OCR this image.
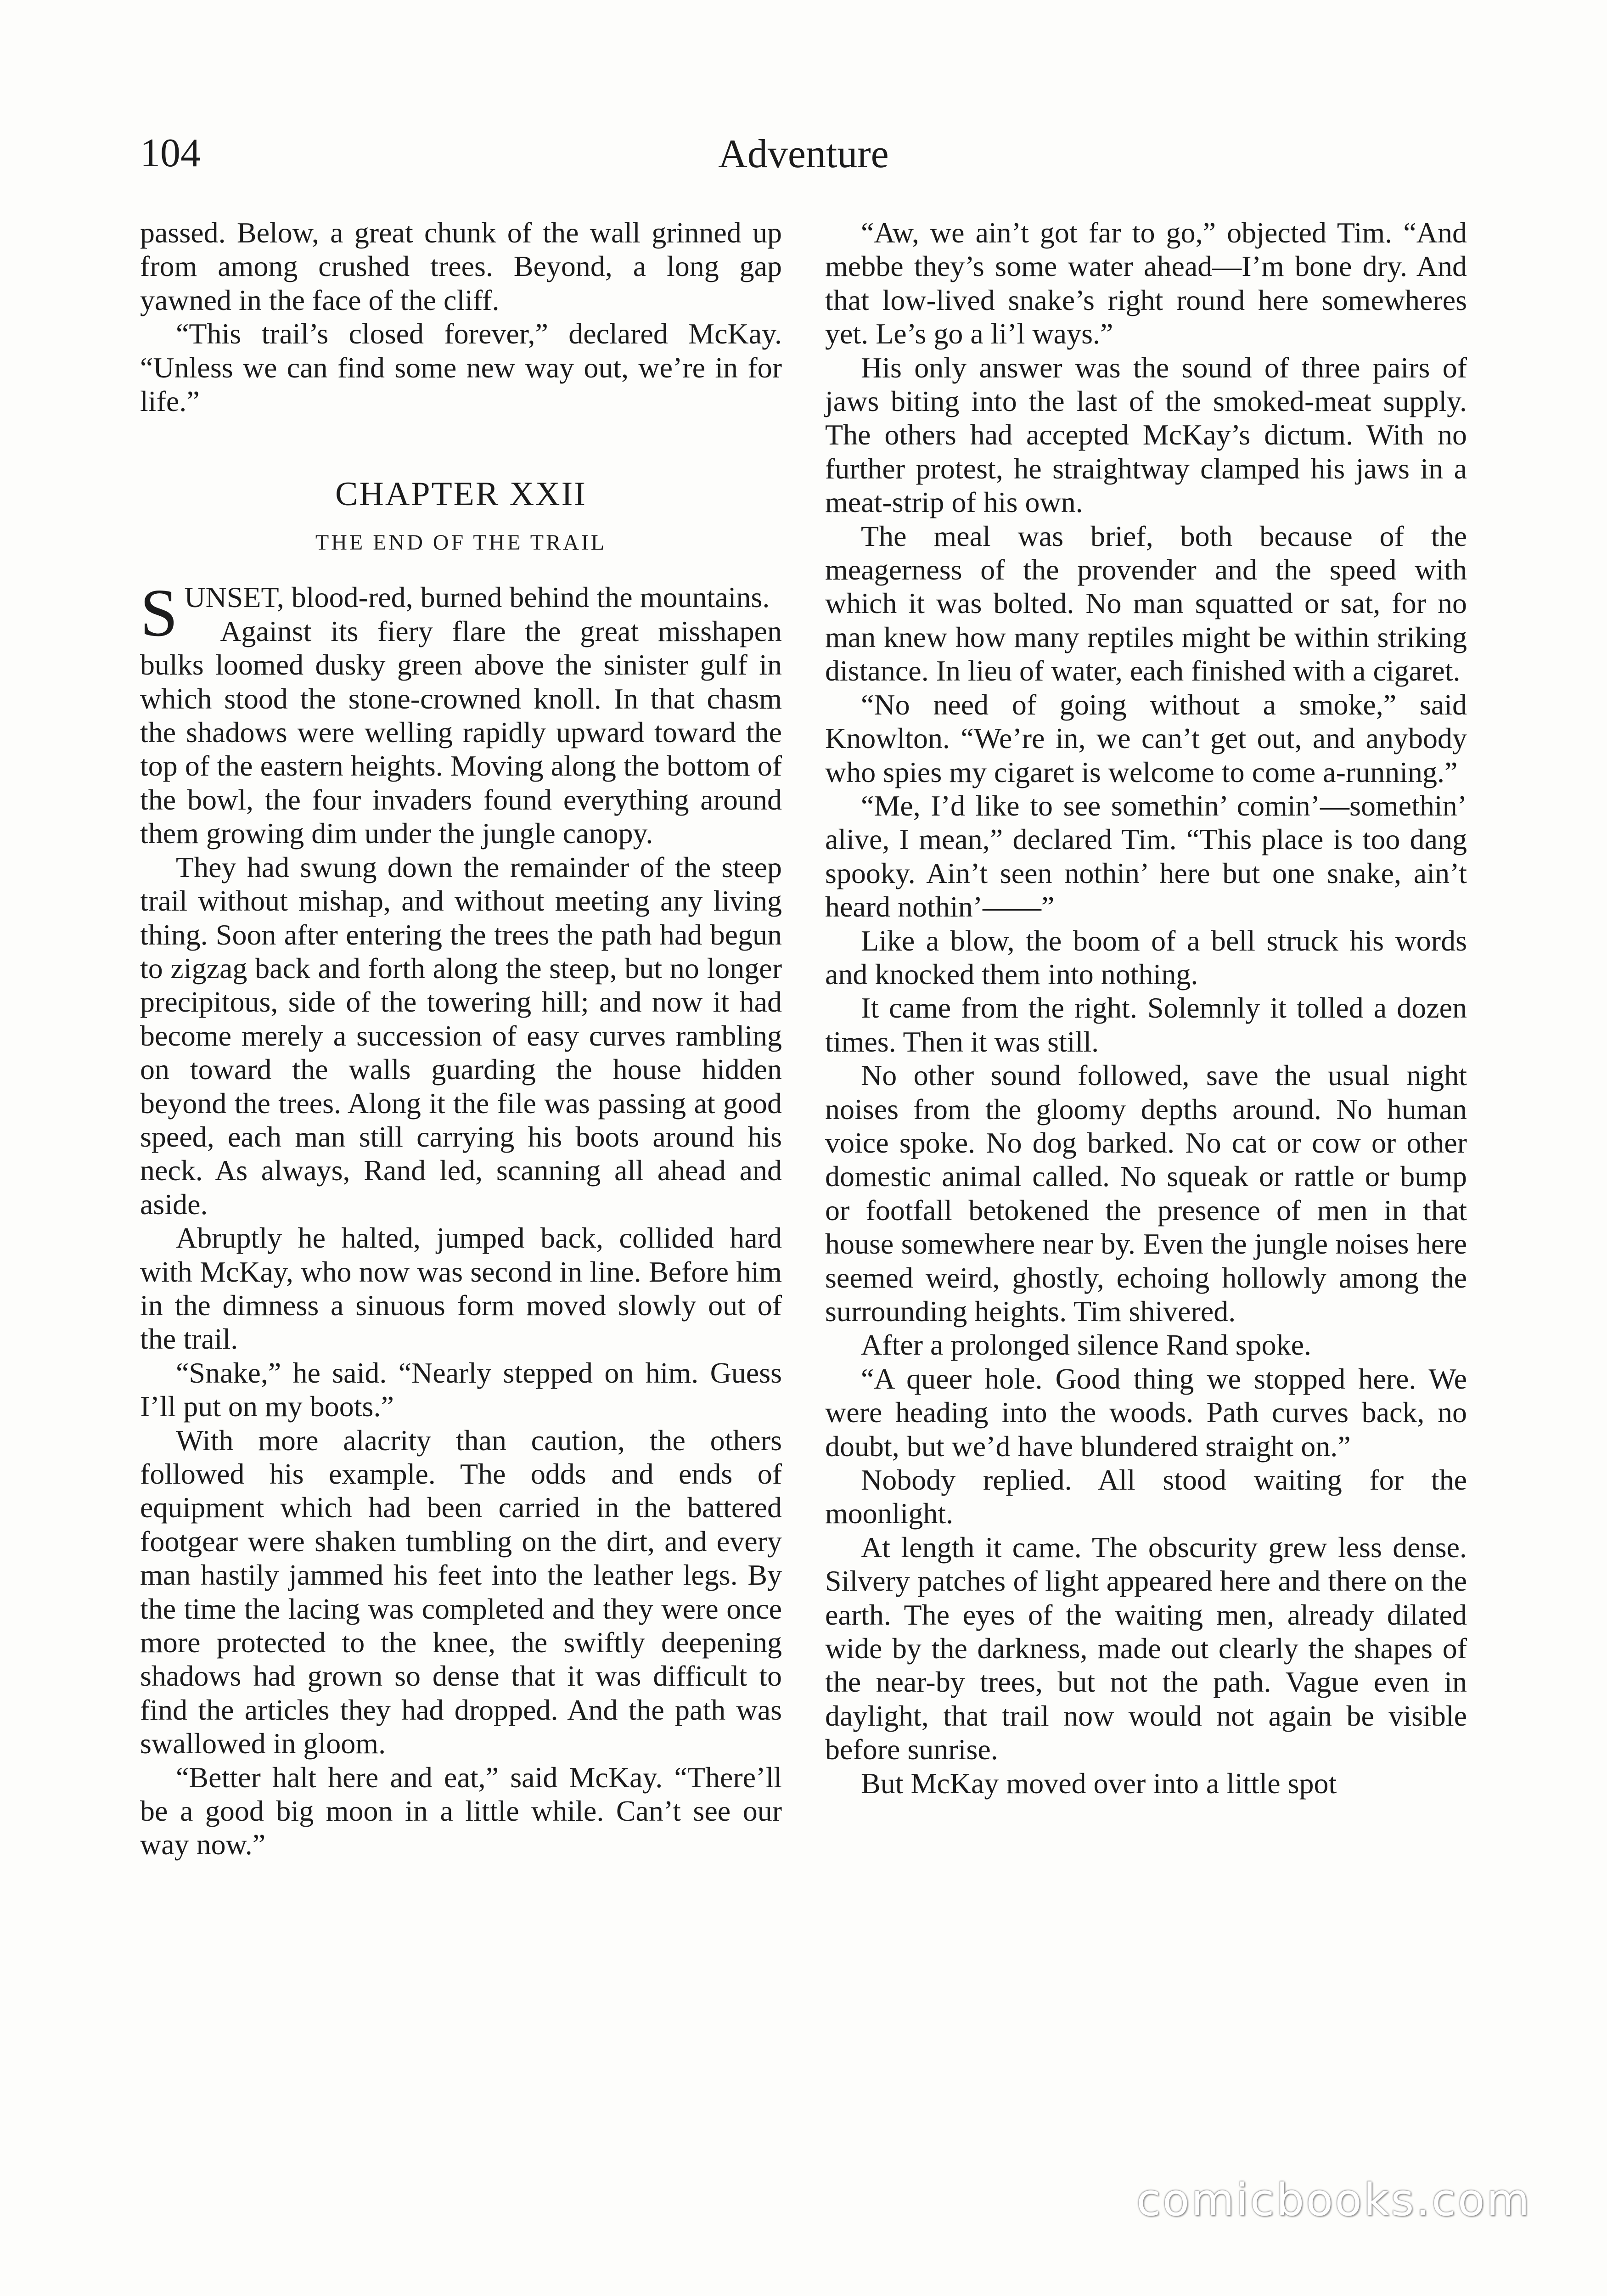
104	Adventure

passed. Below, a great chunk of the wall grinned up from among crushed trees. Beyond, a long gap yawned in the face of the cliff.

“This trail’s closed forever,” declared McKay. “Unless we can find some new way out, we’re in for life.”

CHAPTER XXII
THE END OF THE TRAIL

SUNSET, blood-red, burned behind the mountains.

Against its fiery flare the great misshapen bulks loomed dusky green above the sinister gulf in which stood the stone-crowned knoll. In that chasm the shadows were welling rapidly upward toward the top of the eastern heights. Moving along the bottom of the bowl, the four invaders found everything around them growing dim under the jungle canopy.

They had swung down the remainder of the steep trail without mishap, and without meeting any living thing. Soon after entering the trees the path had begun to zigzag back and forth along the steep, but no longer precipitous, side of the towering hill; and now it had become merely a succession of easy curves rambling on toward the walls guarding the house hidden beyond the trees. Along it the file was passing at good speed, each man still carrying his boots around his neck. As always, Rand led, scanning all ahead and aside.

Abruptly he halted, jumped back, collided hard with McKay, who now was second in line. Before him in the dimness a sinuous form moved slowly out of the trail.

“Snake,” he said. “Nearly stepped on him. Guess I’ll put on my boots.”

With more alacrity than caution, the others followed his example. The odds and ends of equipment which had been carried in the battered footgear were shaken tumbling on the dirt, and every man hastily jammed his feet into the leather legs. By the time the lacing was completed and they were once more protected to the knee, the swiftly deepening shadows had grown so dense that it was difficult to find the articles they had dropped. And the path was swallowed in gloom.

“Better halt here and eat,” said McKay. “There’ll be a good big moon in a little while. Can’t see our way now.”

“Aw, we ain’t got far to go,” objected Tim. “And mebbe they’s some water ahead—I’m bone dry. And that low-lived snake’s right round here somewheres yet. Le’s go a li’l ways.”

His only answer was the sound of three pairs of jaws biting into the last of the smoked-meat supply. The others had accepted McKay’s dictum. With no further protest, he straightway clamped his jaws in a meat-strip of his own.

The meal was brief, both because of the meagerness of the provender and the speed with which it was bolted. No man squatted or sat, for no man knew how many reptiles might be within striking distance. In lieu of water, each finished with a cigaret.

“No need of going without a smoke,” said Knowlton. “We’re in, we can’t get out, and anybody who spies my cigaret is welcome to come a-running.”

“Me, I’d like to see somethin’ comin’—somethin’ alive, I mean,” declared Tim. “This place is too dang spooky. Ain’t seen nothin’ here but one snake, ain’t heard nothin’——”

Like a blow, the boom of a bell struck his words and knocked them into nothing.

It came from the right. Solemnly it tolled a dozen times. Then it was still.

No other sound followed, save the usual night noises from the gloomy depths around. No human voice spoke. No dog barked. No cat or cow or other domestic animal called. No squeak or rattle or bump or footfall betokened the presence of men in that house somewhere near by. Even the jungle noises here seemed weird, ghostly, echoing hollowly among the surrounding heights. Tim shivered.

After a prolonged silence Rand spoke.

“A queer hole. Good thing we stopped here. We were heading into the woods. Path curves back, no doubt, but we’d have blundered straight on.”

Nobody replied. All stood waiting for the moonlight.

At length it came. The obscurity grew less dense. Silvery patches of light appeared here and there on the earth. The eyes of the waiting men, already dilated wide by the darkness, made out clearly the shapes of the near-by trees, but not the path. Vague even in daylight, that trail now would not again be visible before sunrise.

But McKay moved over into a little spot

comicbooks.com
